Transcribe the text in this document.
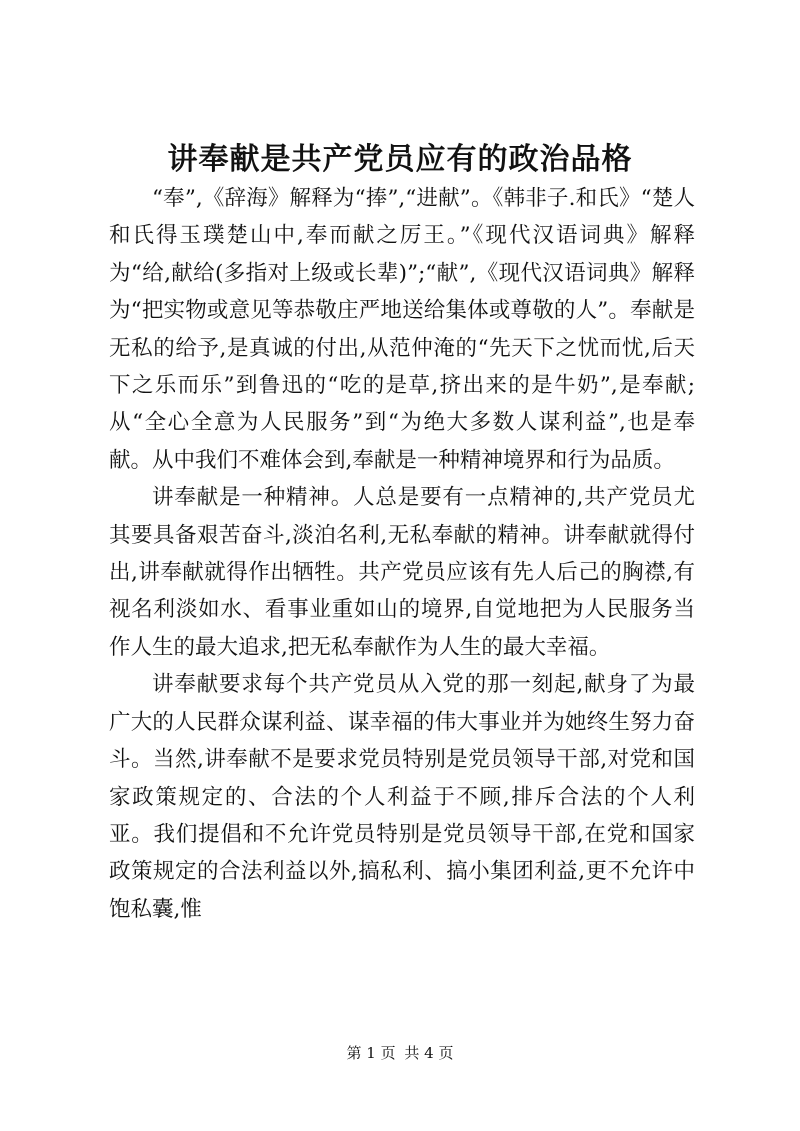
讲奉献是共产党员应有的政治品格

“奉”,《辞海》解释为“捧”,“进献”。《韩非子.和氏》“楚人和氏得玉璞楚山中,奉而献之厉王。”《现代汉语词典》解释为“给,献给(多指对上级或长辈)”;“献”,《现代汉语词典》解释为“把实物或意见等恭敬庄严地送给集体或尊敬的人”。奉献是无私的给予,是真诚的付出,从范仲淹的“先天下之忧而忧,后天下之乐而乐”到鲁迅的“吃的是草,挤出来的是牛奶”,是奉献;从“全心全意为人民服务”到“为绝大多数人谋利益”,也是奉献。从中我们不难体会到,奉献是一种精神境界和行为品质。

讲奉献是一种精神。人总是要有一点精神的,共产党员尤其要具备艰苦奋斗,淡泊名利,无私奉献的精神。讲奉献就得付出,讲奉献就得作出牺牲。共产党员应该有先人后己的胸襟,有视名利淡如水、看事业重如山的境界,自觉地把为人民服务当作人生的最大追求,把无私奉献作为人生的最大幸福。

讲奉献要求每个共产党员从入党的那一刻起,献身了为最广大的人民群众谋利益、谋幸福的伟大事业并为她终生努力奋斗。当然,讲奉献不是要求党员特别是党员领导干部,对党和国家政策规定的、合法的个人利益于不顾,排斥合法的个人利亚。我们提倡和不允许党员特别是党员领导干部,在党和国家政策规定的合法利益以外,搞私利、搞小集团利益,更不允许中饱私囊,惟

第 1 页 共 4 页
